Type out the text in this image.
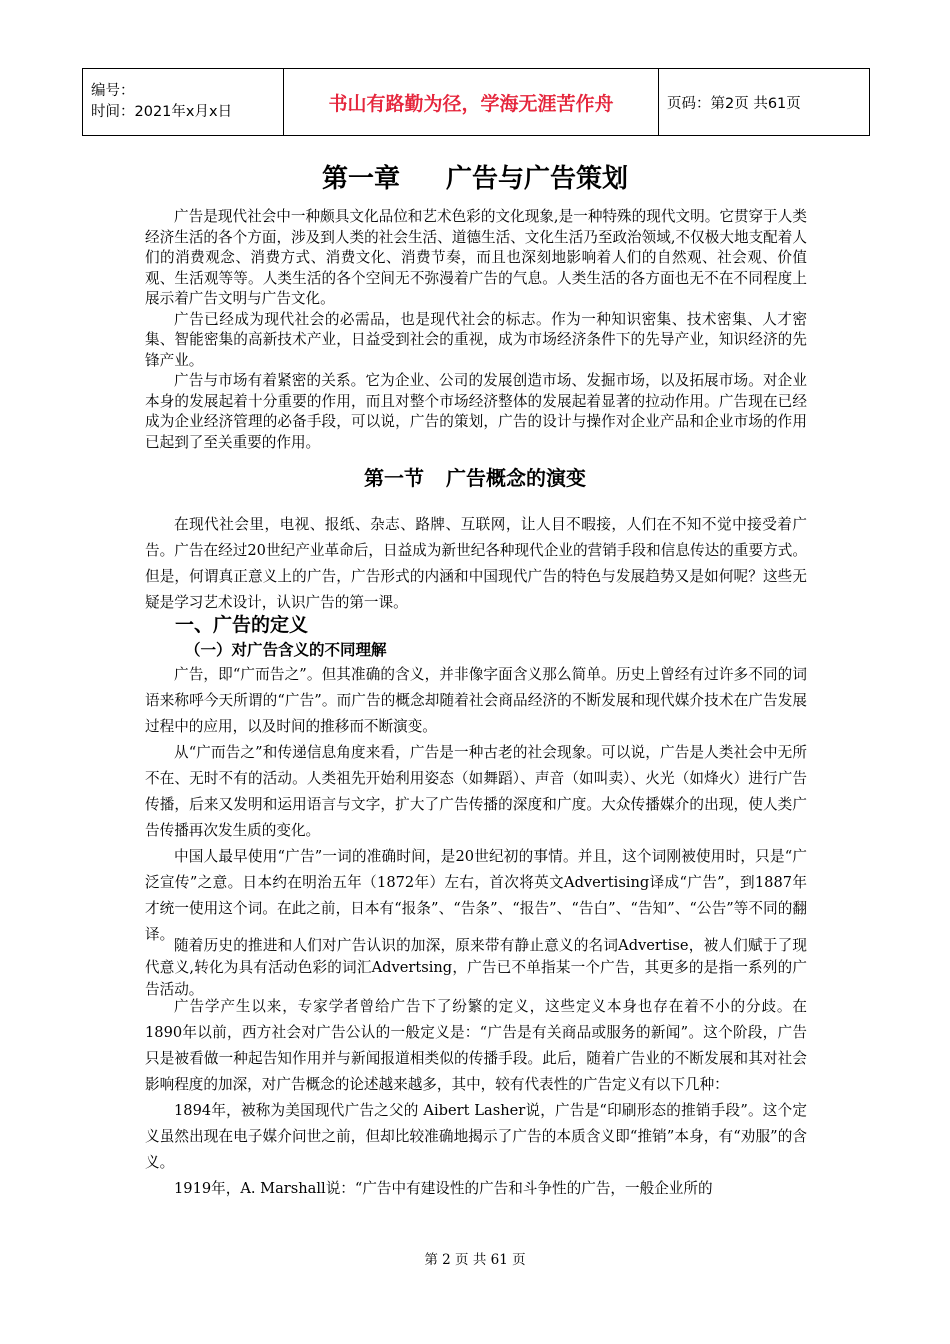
编号：
时间：2021年x月x日	书山有路勤为径，学海无涯苦作舟	页码：第2页 共61页
第一章 广告与广告策划

广告是现代社会中一种颇具文化品位和艺术色彩的文化现象,是一种特殊的现代文明。它贯穿于人类经济生活的各个方面，涉及到人类的社会生活、道德生活、文化生活乃至政治领域,不仅极大地支配着人们的消费观念、消费方式、消费文化、消费节奏，而且也深刻地影响着人们的自然观、社会观、价值观、生活观等等。人类生活的各个空间无不弥漫着广告的气息。人类生活的各方面也无不在不同程度上展示着广告文明与广告文化。

广告已经成为现代社会的必需品，也是现代社会的标志。作为一种知识密集、技术密集、人才密集、智能密集的高新技术产业，日益受到社会的重视，成为市场经济条件下的先导产业，知识经济的先锋产业。

广告与市场有着紧密的关系。它为企业、公司的发展创造市场、发掘市场，以及拓展市场。对企业本身的发展起着十分重要的作用，而且对整个市场经济整体的发展起着显著的拉动作用。广告现在已经成为企业经济管理的必备手段，可以说，广告的策划，广告的设计与操作对企业产品和企业市场的作用已起到了至关重要的作用。

第一节 广告概念的演变

在现代社会里，电视、报纸、杂志、路牌、互联网，让人目不暇接，人们在不知不觉中接受着广告。广告在经过20世纪产业革命后，日益成为新世纪各种现代企业的营销手段和信息传达的重要方式。但是，何谓真正意义上的广告，广告形式的内涵和中国现代广告的特色与发展趋势又是如何呢？这些无疑是学习艺术设计，认识广告的第一课。

一、广告的定义
（一）对广告含义的不同理解

广告，即“广而告之”。但其准确的含义，并非像字面含义那么简单。历史上曾经有过许多不同的词语来称呼今天所谓的“广告”。而广告的概念却随着社会商品经济的不断发展和现代媒介技术在广告发展过程中的应用，以及时间的推移而不断演变。

从“广而告之”和传递信息角度来看，广告是一种古老的社会现象。可以说，广告是人类社会中无所不在、无时不有的活动。人类祖先开始利用姿态（如舞蹈）、声音（如叫卖）、火光（如烽火）进行广告传播，后来又发明和运用语言与文字，扩大了广告传播的深度和广度。大众传播媒介的出现，使人类广告传播再次发生质的变化。

中国人最早使用“广告”一词的准确时间，是20世纪初的事情。并且，这个词刚被使用时，只是“广泛宣传”之意。日本约在明治五年（1872年）左右，首次将英文Advertising译成“广告”，到1887年才统一使用这个词。在此之前，日本有“报条”、“告条”、“报告”、“告白”、“告知”、“公告”等不同的翻译。

随着历史的推进和人们对广告认识的加深，原来带有静止意义的名词Advertise，被人们赋于了现代意义,转化为具有活动色彩的词汇Advertsing，广告已不单指某一个广告，其更多的是指一系列的广告活动。

广告学产生以来，专家学者曾给广告下了纷繁的定义，这些定义本身也存在着不小的分歧。在 1890年以前，西方社会对广告公认的一般定义是：“广告是有关商品或服务的新闻”。这个阶段，广告只是被看做一种起告知作用并与新闻报道相类似的传播手段。此后，随着广告业的不断发展和其对社会影响程度的加深，对广告概念的论述越来越多，其中，较有代表性的广告定义有以下几种：

1894年，被称为美国现代广告之父的 Aibert Lasher说，广告是“印刷形态的推销手段”。这个定义虽然出现在电子媒介问世之前，但却比较准确地揭示了广告的本质含义即“推销”本身，有“劝服”的含义。

1919年，A. Marshall说：“广告中有建设性的广告和斗争性的广告，一般企业所的

第 2 页 共 61 页
